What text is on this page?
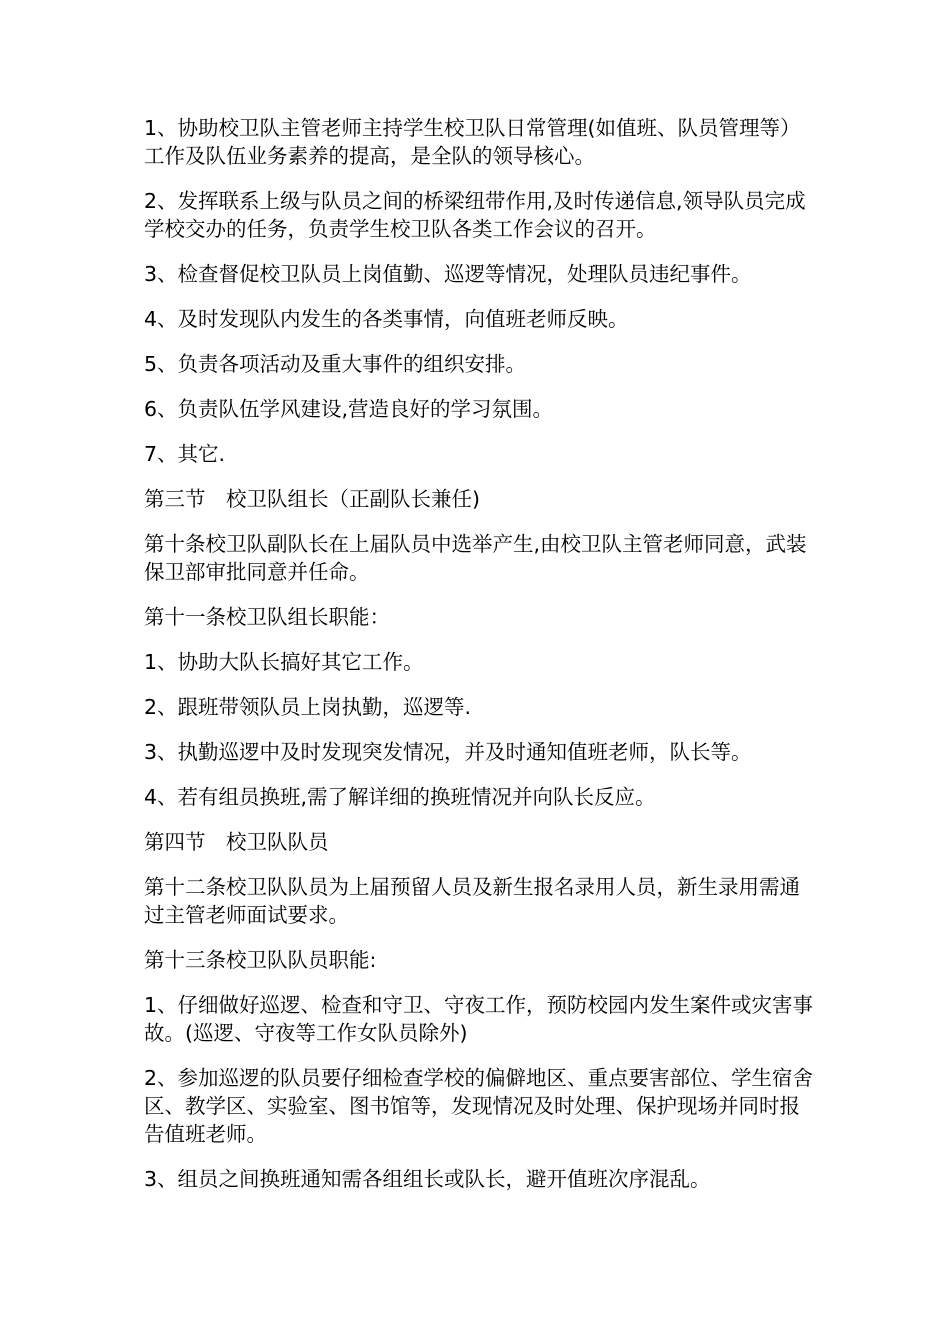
1、协助校卫队主管老师主持学生校卫队日常管理(如值班、队员管理等）工作及队伍业务素养的提高，是全队的领导核心。

2、发挥联系上级与队员之间的桥梁纽带作用,及时传递信息,领导队员完成学校交办的任务，负责学生校卫队各类工作会议的召开。

3、检查督促校卫队员上岗值勤、巡逻等情况，处理队员违纪事件。

4、及时发现队内发生的各类事情，向值班老师反映。

5、负责各项活动及重大事件的组织安排。

6、负责队伍学风建设,营造良好的学习氛围。

7、其它.

第三节　校卫队组长（正副队长兼任)

第十条校卫队副队长在上届队员中选举产生,由校卫队主管老师同意，武装保卫部审批同意并任命。

第十一条校卫队组长职能：

1、协助大队长搞好其它工作。

2、跟班带领队员上岗执勤，巡逻等.

3、执勤巡逻中及时发现突发情况，并及时通知值班老师，队长等。

4、若有组员换班,需了解详细的换班情况并向队长反应。

第四节　校卫队队员

第十二条校卫队队员为上届预留人员及新生报名录用人员，新生录用需通过主管老师面试要求。

第十三条校卫队队员职能:

1、仔细做好巡逻、检查和守卫、守夜工作，预防校园内发生案件或灾害事故。(巡逻、守夜等工作女队员除外)

2、参加巡逻的队员要仔细检查学校的偏僻地区、重点要害部位、学生宿舍区、教学区、实验室、图书馆等，发现情况及时处理、保护现场并同时报告值班老师。

3、组员之间换班通知需各组组长或队长，避开值班次序混乱。
